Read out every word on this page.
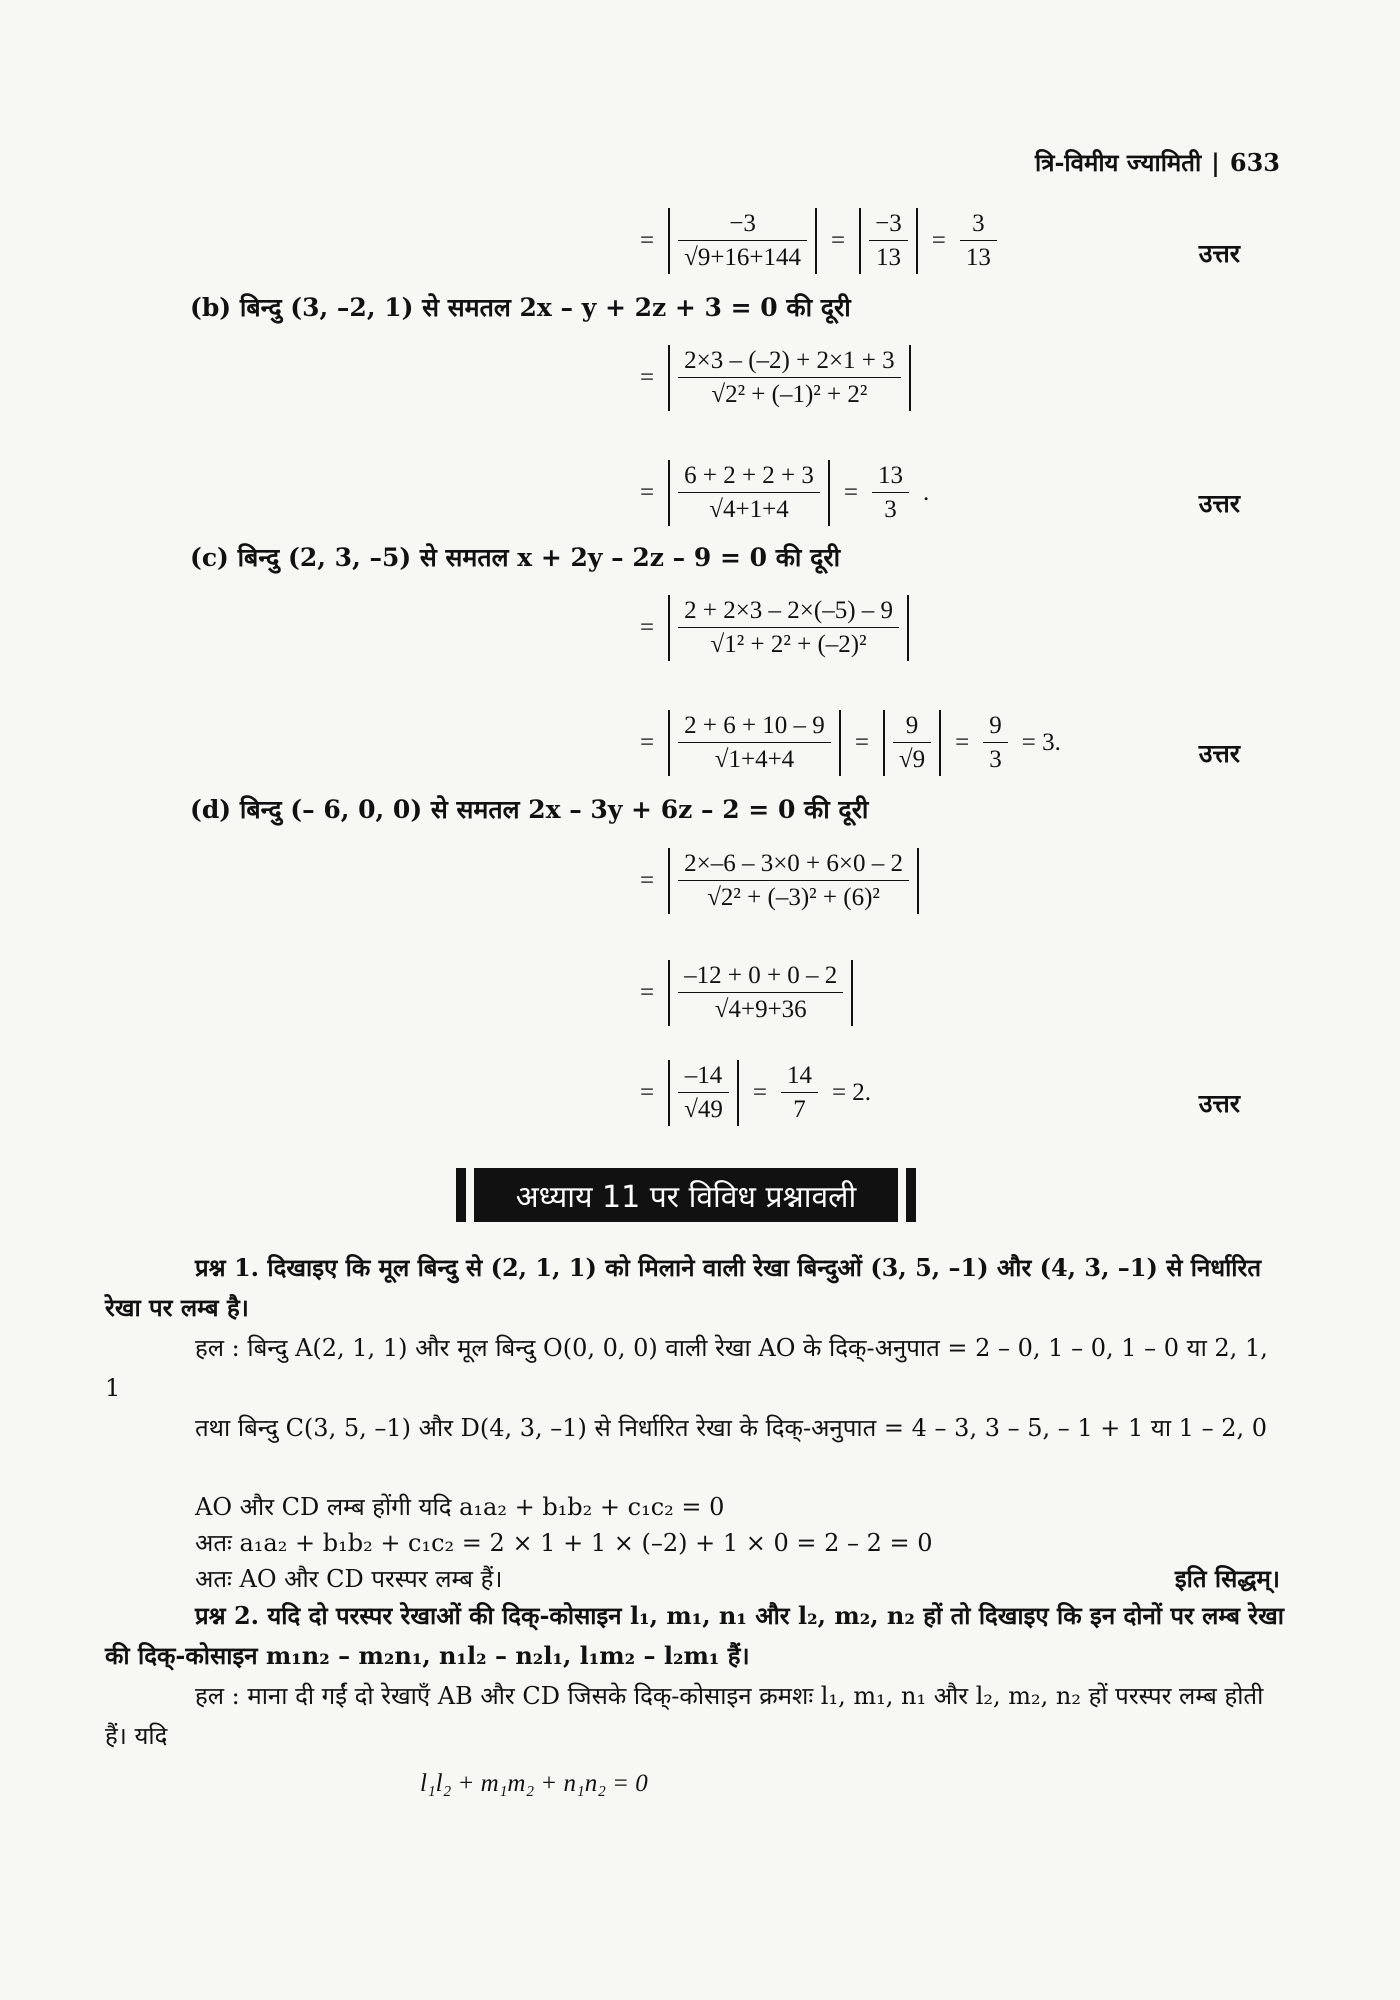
त्रि-विमीय ज्यामिती | 633
= $\frac{-3}{√9+16+144} = \frac{-3}{13} = \frac{3}{13}$	उत्तर
(b) बिन्दु (3, –2, 1) से समतल 2x – y + 2z + 3 = 0 की दूरी
= $\frac{2\times 3 - (-2) + 2\times 1 + 3}{\text{√2² + (–1)² + 2²}}$
= $\frac{6 + 2 + 2 + 3}{√4+1+4} = \frac{13}{3}$ .	उत्तर
(c) बिन्दु (2, 3, –5) से समतल x + 2y – 2z – 9 = 0 की दूरी
= $\frac{2 + 2\times 3 - 2\times(-5) - 9}{\text{√1² + 2² + (–2)²}}$
= $\frac{2 + 6 + 10 - 9}{√1+4+4} = \frac{9}{√9} = \frac{9}{3} = 3$.	उत्तर
(d) बिन्दु (– 6, 0, 0) से समतल 2x – 3y + 6z – 2 = 0 की दूरी
= $\frac{2\times-6 - 3\times 0 + 6\times 0 - 2}{\text{√2² + (–3)² + (6)²}}$
= $\frac{-12 + 0 + 0 - 2}{√4+9+36}$
= $\frac{-14}{√49} = \frac{14}{7} = 2$.	उत्तर
अध्याय 11 पर विविध प्रश्नावली
प्रश्न 1. दिखाइए कि मूल बिन्दु से (2, 1, 1) को मिलाने वाली रेखा बिन्दुओं (3, 5, –1) और (4, 3, –1) से निर्धारित रेखा पर लम्ब है।
हल : बिन्दु A(2, 1, 1) और मूल बिन्दु O(0, 0, 0) वाली रेखा AO के दिक्-अनुपात = 2 – 0, 1 – 0, 1 – 0 या 2, 1, 1
तथा बिन्दु C(3, 5, –1) और D(4, 3, –1) से निर्धारित रेखा के दिक्-अनुपात = 4 – 3, 3 – 5, – 1 + 1 या 1 – 2, 0
AO और CD लम्ब होंगी यदि a₁a₂ + b₁b₂ + c₁c₂ = 0
अतः a₁a₂ + b₁b₂ + c₁c₂ = 2 × 1 + 1 × (–2) + 1 × 0 = 2 – 2 = 0
अतः AO और CD परस्पर लम्ब हैं।	इति सिद्धम्।
प्रश्न 2. यदि दो परस्पर रेखाओं की दिक्-कोसाइन l₁, m₁, n₁ और l₂, m₂, n₂ हों तो दिखाइए कि इन दोनों पर लम्ब रेखा की दिक्-कोसाइन m₁n₂ – m₂n₁, n₁l₂ – n₂l₁, l₁m₂ – l₂m₁ हैं।
हल : माना दी गईं दो रेखाएँ AB और CD जिसके दिक्-कोसाइन क्रमशः l₁, m₁, n₁ और l₂, m₂, n₂ हों परस्पर लम्ब होती हैं। यदि
l₁l₂ + m₁m₂ + n₁n₂ = 0
